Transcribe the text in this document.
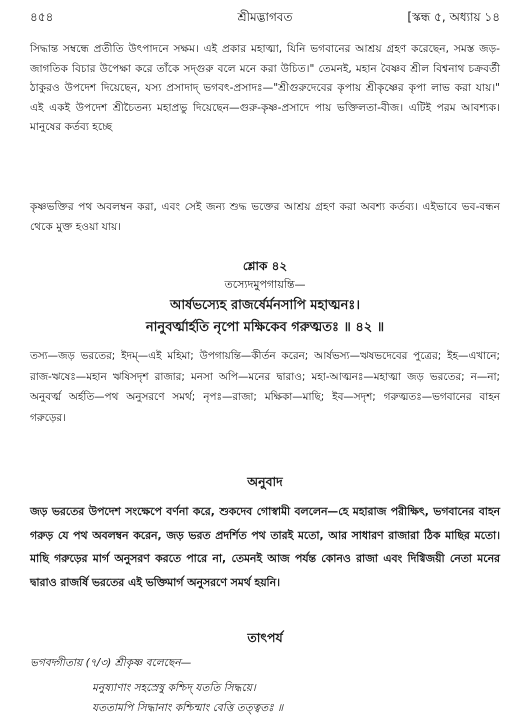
৪৫৪	শ্রীমদ্ভাগবত	[স্কন্ধ ৫, অধ্যায় ১৪
সিদ্ধান্ত সম্বন্ধে প্রতীতি উৎপাদনে সক্ষম। এই প্রকার মহাত্মা, যিনি ভগবানের আশ্রয় গ্রহণ করেছেন, সমস্ত জড়-জাগতিক বিচার উপেক্ষা করে তাঁকে সদ্গুরু বলে মনে করা উচিত।" তেমনই, মহান বৈষ্ণব শ্রীল বিশ্বনাথ চক্রবর্তী ঠাকুরও উপদেশ দিয়েছেন, যস্য প্রসাদাদ্ ভগবৎ-প্রসাদঃ—"শ্রীগুরুদেবের কৃপায় শ্রীকৃষ্ণের কৃপা লাভ করা যায়।" এই একই উপদেশ শ্রীচৈতন্য মহাপ্রভু দিয়েছেন—গুরু-কৃষ্ণ-প্রসাদে পায় ভক্তিলতা-বীজ। এটিই পরম আবশ্যক। মানুষের কর্তব্য হচ্ছে
কৃষ্ণভক্তির পথ অবলম্বন করা, এবং সেই জন্য শুদ্ধ ভক্তের আশ্রয় গ্রহণ করা অবশ্য কর্তব্য। এইভাবে ভব-বন্ধন থেকে মুক্ত হওয়া যায়।
শ্লোক ৪২
তস্যেদমুপগায়ন্তি—
আর্ষভস্যেহ রাজর্ষের্মনসাপি মহাত্মনঃ।
নানুবর্ত্মার্হতি নৃপো মক্ষিকেব গরুত্মতঃ ॥ ৪২ ॥
তস্য—জড় ভরতের; ইদম্—এই মহিমা; উপগায়ন্তি—কীর্তন করেন; আর্ষভস্য—ঋষভদেবের পুত্রের; ইহ—এখানে; রাজ-ঋষেঃ—মহান ঋষিসদৃশ রাজার; মনসা অপি—মনের দ্বারাও; মহা-আত্মনঃ—মহাত্মা জড় ভরতের; ন—না; অনুবর্ত্ম অর্হতি—পথ অনুসরণে সমর্থ; নৃপঃ—রাজা; মক্ষিকা—মাছি; ইব—সদৃশ; গরুত্মতঃ—ভগবানের বাহন গরুড়ের।
অনুবাদ
জড় ভরতের উপদেশ সংক্ষেপে বর্ণনা করে, শুকদেব গোস্বামী বললেন—হে মহারাজ পরীক্ষিৎ, ভগবানের বাহন গরুড় যে পথ অবলম্বন করেন, জড় ভরত প্রদর্শিত পথ তারই মতো, আর সাধারণ রাজারা ঠিক মাছির মতো। মাছি গরুড়ের মার্গ অনুসরণ করতে পারে না, তেমনই আজ পর্যন্ত কোনও রাজা এবং দিগ্বিজয়ী নেতা মনের দ্বারাও রাজর্ষি ভরতের এই ভক্তিমার্গ অনুসরণে সমর্থ হয়নি।
তাৎপর্য
ভগবদ্গীতায় (৭/৩) শ্রীকৃষ্ণ বলেছেন—
মনুষ্যাণাং সহস্রেষু কশ্চিদ্ যততি সিদ্ধয়ে।
যততামপি সিদ্ধানাং কশ্চিন্মাং বেত্তি তত্ত্বতঃ ॥
